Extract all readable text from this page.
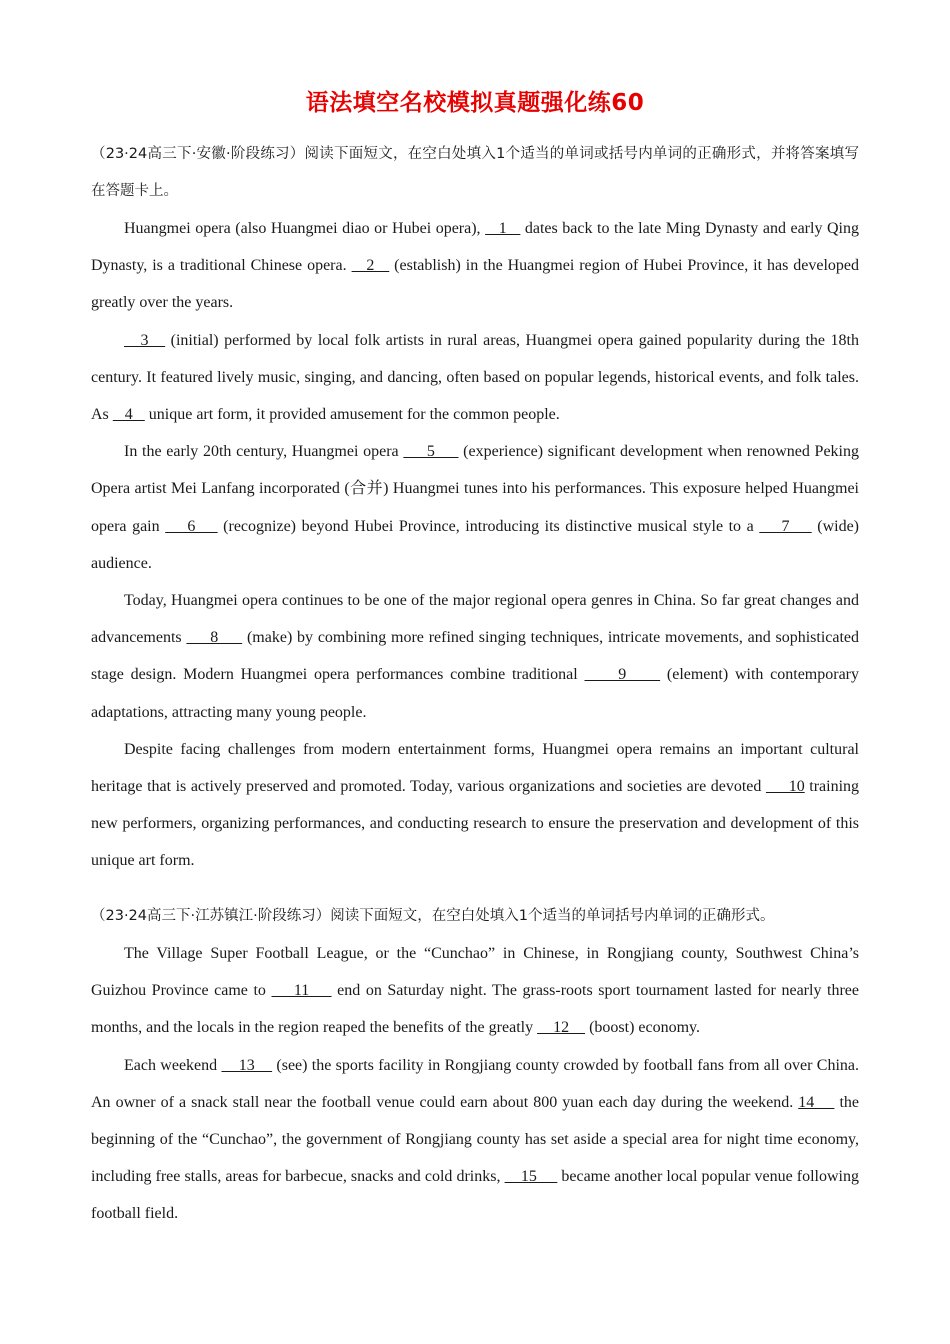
语法填空名校模拟真题强化练60

（23·24高三下·安徽·阶段练习）阅读下面短文，在空白处填入1个适当的单词或括号内单词的正确形式，并将答案填写在答题卡上。

Huangmei opera (also Huangmei diao or Hubei opera),    1    dates back to the late Ming Dynasty and early Qing Dynasty, is a traditional Chinese opera.    2    (establish) in the Huangmei region of Hubei Province, it has developed greatly over the years.

3    (initial) performed by local folk artists in rural areas, Huangmei opera gained popularity during the 18th century. It featured lively music, singing, and dancing, often based on popular legends, historical events, and folk tales. As    4    unique art form, it provided amusement for the common people.

In the early 20th century, Huangmei opera      5      (experience) significant development when renowned Peking Opera artist Mei Lanfang incorporated (合并) Huangmei tunes into his performances. This exposure helped Huangmei opera gain     6     (recognize) beyond Hubei Province, introducing its distinctive musical style to a     7     (wide) audience.

Today, Huangmei opera continues to be one of the major regional opera genres in China. So far great changes and advancements      8      (make) by combining more refined singing techniques, intricate movements, and sophisticated stage design. Modern Huangmei opera performances combine traditional      9      (element) with contemporary adaptations, attracting many young people.

Despite facing challenges from modern entertainment forms, Huangmei opera remains an important cultural heritage that is actively preserved and promoted. Today, various organizations and societies are devoted      10 training new performers, organizing performances, and conducting research to ensure the preservation and development of this unique art form.

（23·24高三下·江苏镇江·阶段练习）阅读下面短文，在空白处填入1个适当的单词括号内单词的正确形式。

The Village Super Football League, or the “Cunchao” in Chinese, in Rongjiang county, Southwest China’s Guizhou Province came to     11     end on Saturday night. The grass-roots sport tournament lasted for nearly three months, and the locals in the region reaped the benefits of the greatly     12     (boost) economy.

Each weekend     13     (see) the sports facility in Rongjiang county crowded by football fans from all over China. An owner of a snack stall near the football venue could earn about 800 yuan each day during the weekend. 14     the beginning of the “Cunchao”, the government of Rongjiang county has set aside a special area for night time economy, including free stalls, areas for barbecue, snacks and cold drinks,     15      became another local popular venue following football field.
